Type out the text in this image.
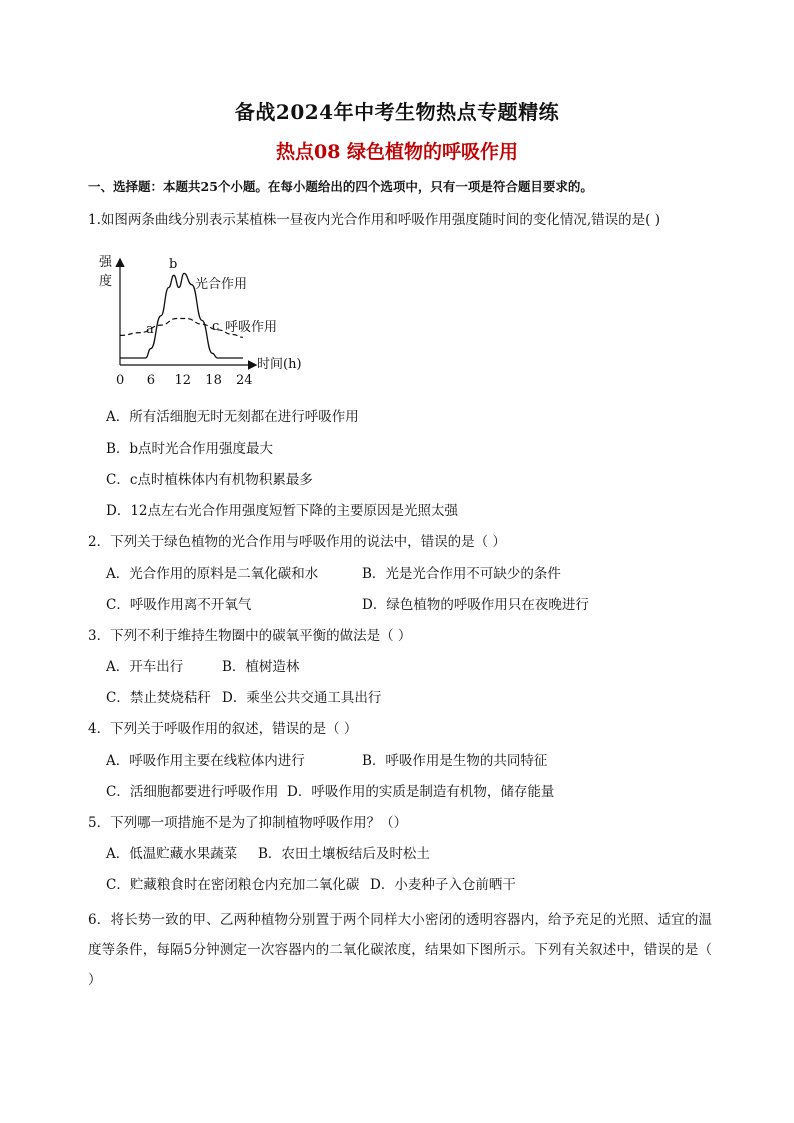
备战2024年中考生物热点专题精练
热点08 绿色植物的呼吸作用
一、选择题：本题共25个小题。在每小题给出的四个选项中，只有一项是符合题目要求的。
1.如图两条曲线分别表示某植株一昼夜内光合作用和呼吸作用强度随时间的变化情况,错误的是( )
强
度
时间(h)
0 6 12 18 24
光合作用
呼吸作用
a
b
c
A．所有活细胞无时无刻都在进行呼吸作用
B．b点时光合作用强度最大
C．c点时植株体内有机物积累最多
D．12点左右光合作用强度短暂下降的主要原因是光照太强
2．下列关于绿色植物的光合作用与呼吸作用的说法中，错误的是（ ）
A．光合作用的原料是二氧化碳和水	B．光是光合作用不可缺少的条件
C．呼吸作用离不开氧气	D．绿色植物的呼吸作用只在夜晚进行
3．下列不利于维持生物圈中的碳氧平衡的做法是（ ）
A．开车出行	B．植树造林
C．禁止焚烧秸秆 D．乘坐公共交通工具出行
4．下列关于呼吸作用的叙述，错误的是（ ）
A．呼吸作用主要在线粒体内进行	B．呼吸作用是生物的共同特征
C．活细胞都要进行呼吸作用 D．呼吸作用的实质是制造有机物，储存能量
5．下列哪一项措施不是为了抑制植物呼吸作用？（）
A．低温贮藏水果蔬菜 B．农田土壤板结后及时松土
C．贮藏粮食时在密闭粮仓内充加二氧化碳 D．小麦种子入仓前晒干
6．将长势一致的甲、乙两种植物分别置于两个同样大小密闭的透明容器内，给予充足的光照、适宜的温度等条件，每隔5分钟测定一次容器内的二氧化碳浓度，结果如下图所示。下列有关叙述中，错误的是（ ）
